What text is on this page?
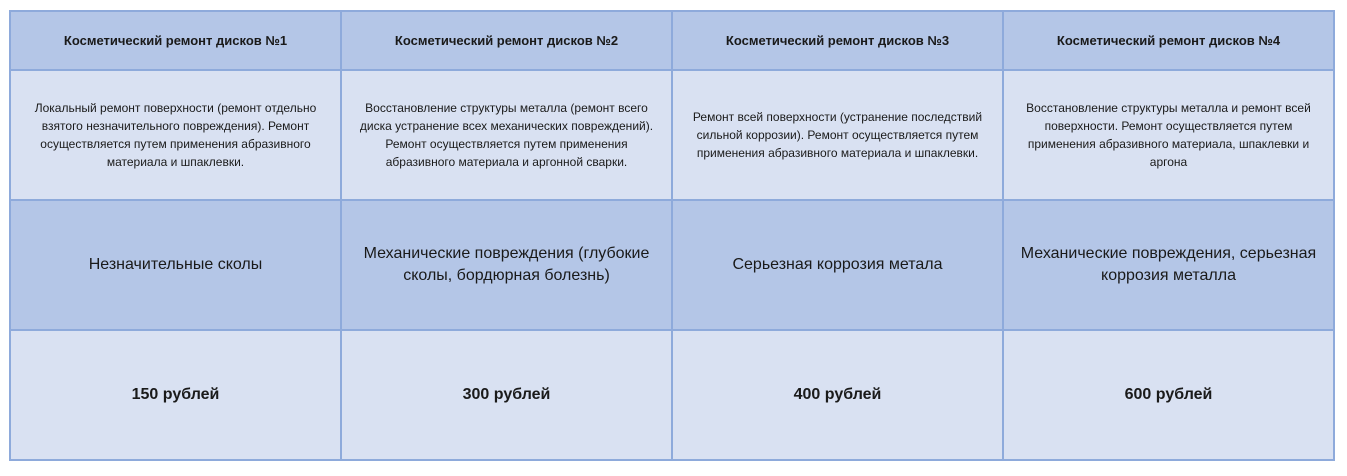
Косметический ремонт дисков №1	Косметический ремонт дисков №2	Косметический ремонт дисков №3	Косметический ремонт дисков №4
Локальный ремонт поверхности (ремонт отдельно взятого незначительного повреждения). Ремонт осуществляется путем применения абразивного материала и шпаклевки.	Восстановление структуры металла (ремонт всего диска устранение всех механических повреждений). Ремонт осуществляется путем применения абразивного материала и аргонной сварки.	Ремонт всей поверхности (устранение последствий сильной коррозии). Ремонт осуществляется путем применения абразивного материала и шпаклевки.	Восстановление структуры металла и ремонт всей поверхности. Ремонт осуществляется путем применения абразивного материала, шпаклевки и аргона
Незначительные сколы	Механические повреждения (глубокие сколы, бордюрная болезнь)	Серьезная коррозия метала	Механические повреждения, серьезная коррозия металла
150 рублей	300 рублей	400 рублей	600 рублей
